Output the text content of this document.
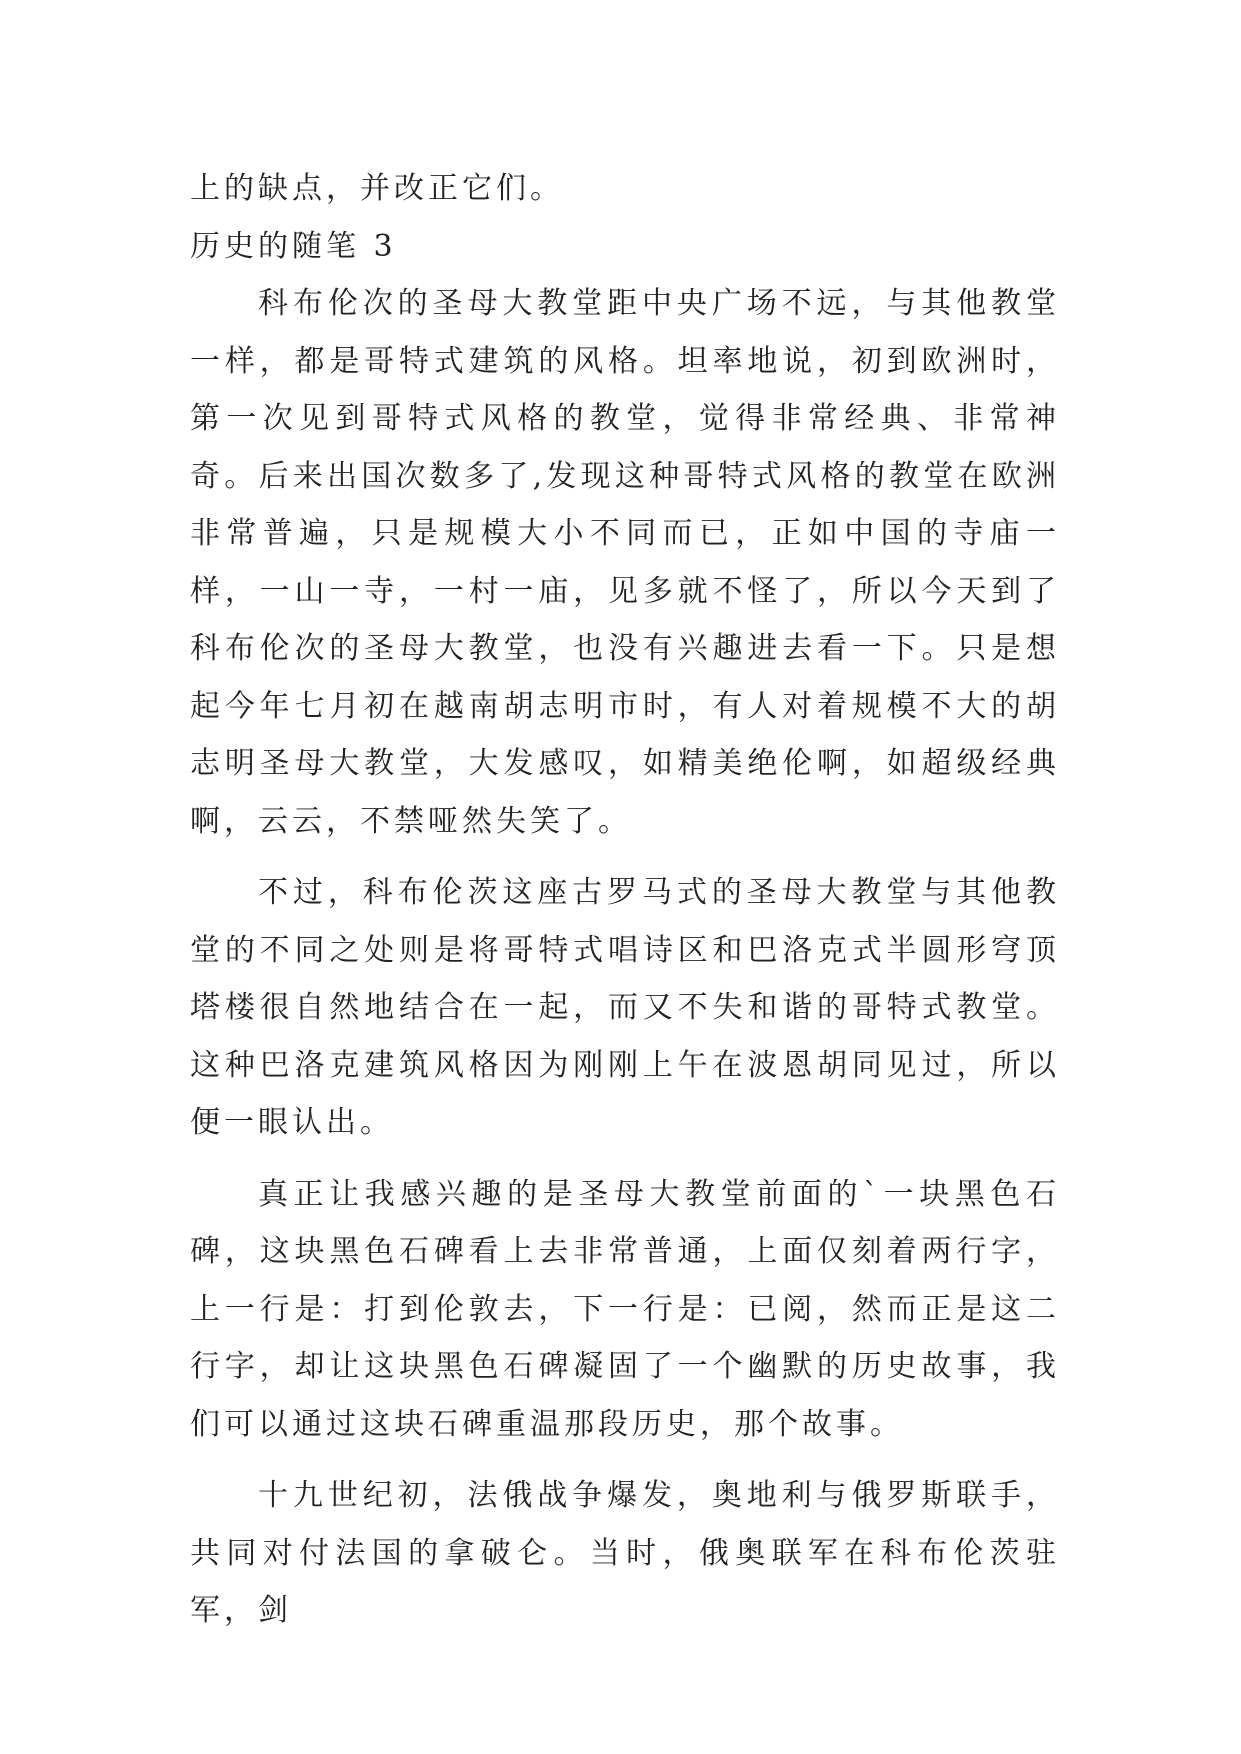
上的缺点，并改正它们。

历史的随笔 3

科布伦次的圣母大教堂距中央广场不远，与其他教堂一样，都是哥特式建筑的风格。坦率地说，初到欧洲时，第一次见到哥特式风格的教堂，觉得非常经典、非常神奇。后来出国次数多了,发现这种哥特式风格的教堂在欧洲非常普遍，只是规模大小不同而已，正如中国的寺庙一样，一山一寺，一村一庙，见多就不怪了，所以今天到了科布伦次的圣母大教堂，也没有兴趣进去看一下。只是想起今年七月初在越南胡志明市时，有人对着规模不大的胡志明圣母大教堂，大发感叹，如精美绝伦啊，如超级经典啊，云云，不禁哑然失笑了。

不过，科布伦茨这座古罗马式的圣母大教堂与其他教堂的不同之处则是将哥特式唱诗区和巴洛克式半圆形穹顶塔楼很自然地结合在一起，而又不失和谐的哥特式教堂。这种巴洛克建筑风格因为刚刚上午在波恩胡同见过，所以便一眼认出。

真正让我感兴趣的是圣母大教堂前面的`一块黑色石碑，这块黑色石碑看上去非常普通，上面仅刻着两行字，上一行是：打到伦敦去，下一行是：已阅，然而正是这二行字，却让这块黑色石碑凝固了一个幽默的历史故事，我们可以通过这块石碑重温那段历史，那个故事。

十九世纪初，法俄战争爆发，奥地利与俄罗斯联手，共同对付法国的拿破仑。当时，俄奥联军在科布伦茨驻军，剑
